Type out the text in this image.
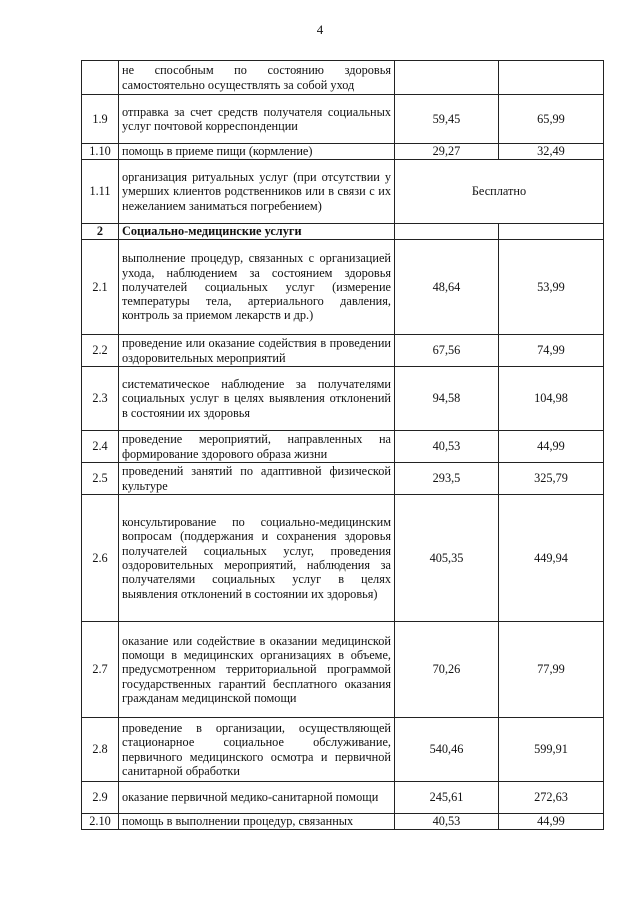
4
	не способным по состоянию здоровья самостоятельно осуществлять за собой уход		
1.9	отправка за счет средств получателя социальных услуг почтовой корреспонденции	59,45	65,99
1.10	помощь в приеме пищи (кормление)	29,27	32,49
1.11	организация ритуальных услуг (при отсутствии у умерших клиентов родственников или в связи с их нежеланием заниматься погребением)	Бесплатно	
2	Социально-медицинские услуги		
2.1	выполнение процедур, связанных с организацией ухода, наблюдением за состоянием здоровья получателей социальных услуг (измерение температуры тела, артериального давления, контроль за приемом лекарств и др.)	48,64	53,99
2.2	проведение или оказание содействия в проведении оздоровительных мероприятий	67,56	74,99
2.3	систематическое наблюдение за получателями социальных услуг в целях выявления отклонений в состоянии их здоровья	94,58	104,98
2.4	проведение мероприятий, направленных на формирование здорового образа жизни	40,53	44,99
2.5	проведений занятий по адаптивной физической культуре	293,5	325,79
2.6	консультирование по социально-медицинским вопросам (поддержания и сохранения здоровья получателей социальных услуг, проведения оздоровительных мероприятий, наблюдения за получателями социальных услуг в целях выявления отклонений в состоянии их здоровья)	405,35	449,94
2.7	оказание или содействие в оказании медицинской помощи в медицинских организациях в объеме, предусмотренном территориальной программой государственных гарантий бесплатного оказания гражданам медицинской помощи	70,26	77,99
2.8	проведение в организации, осуществляющей стационарное социальное обслуживание, первичного медицинского осмотра и первичной санитарной обработки	540,46	599,91
2.9	оказание первичной медико-санитарной помощи	245,61	272,63
2.10	помощь в выполнении процедур, связанных	40,53	44,99
